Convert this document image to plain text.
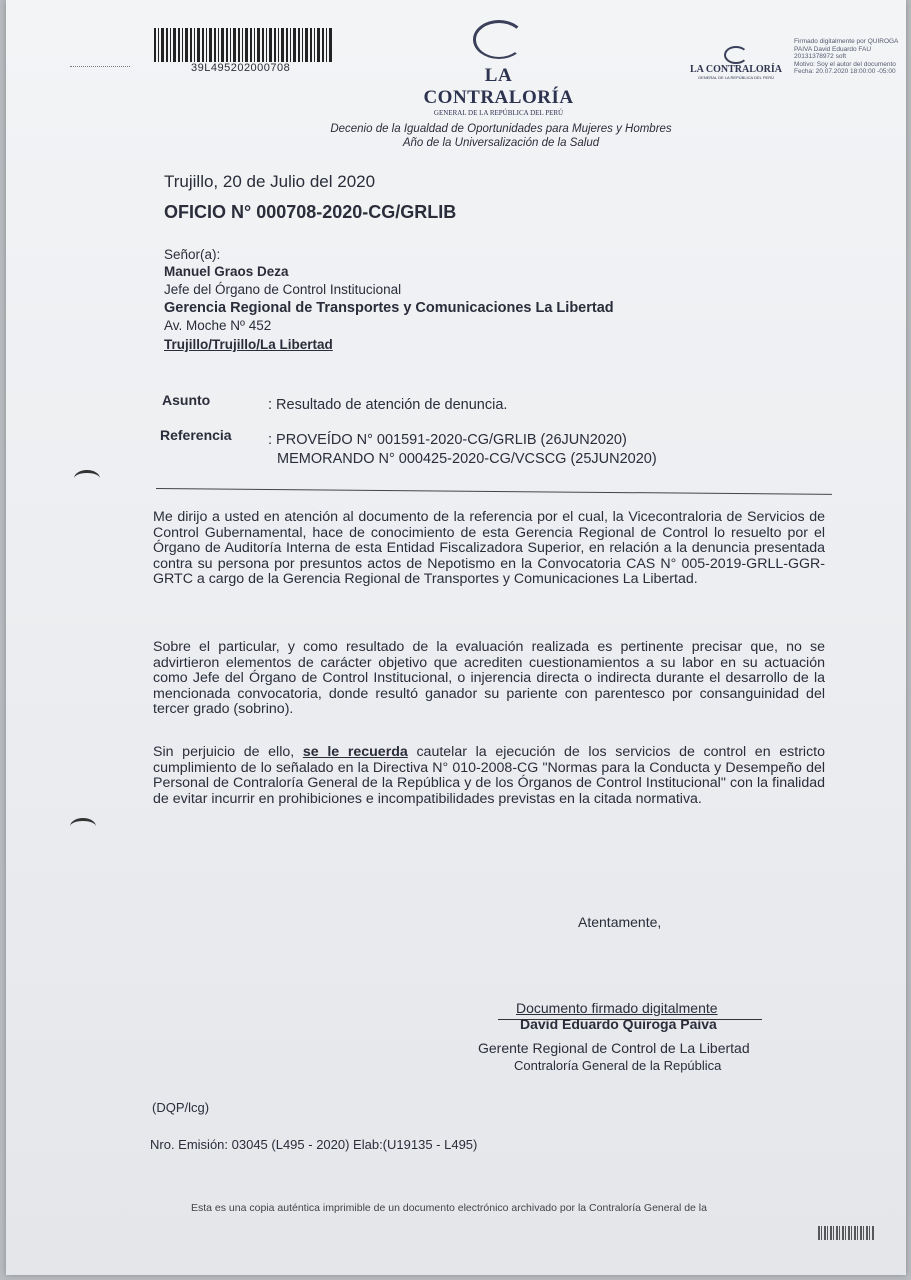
39L495202000708	LA CONTRALORÍA
GENERAL DE LA REPÚBLICA DEL PERÚ
LA CONTRALORÍA
GENERAL DE LA REPÚBLICA DEL PERÚ
Firmado digitalmente por QUIROGA
PAIVA David Eduardo FAU
20131378972 soft
Motivo: Soy el autor del documento
Fecha: 20.07.2020 18:00:00 -05:00
Decenio de la Igualdad de Oportunidades para Mujeres y Hombres
Año de la Universalización de la Salud
Trujillo, 20 de Julio del 2020
OFICIO N° 000708-2020-CG/GRLIB
Señor(a):
Manuel Graos Deza
Jefe del Órgano de Control Institucional
Gerencia Regional de Transportes y Comunicaciones La Libertad
Av. Moche Nº 452
Trujillo/Trujillo/La Libertad
Asunto	: Resultado de atención de denuncia.
Referencia	: PROVEÍDO N° 001591-2020-CG/GRLIB (26JUN2020)
MEMORANDO N° 000425-2020-CG/VCSCG (25JUN2020)
Me dirijo a usted en atención al documento de la referencia por el cual, la Vicecontraloria de Servicios de Control Gubernamental, hace de conocimiento de esta Gerencia Regional de Control lo resuelto por el Órgano de Auditoría Interna de esta Entidad Fiscalizadora Superior, en relación a la denuncia presentada contra su persona por presuntos actos de Nepotismo en la Convocatoria CAS N° 005-2019-GRLL-GGR-GRTC a cargo de la Gerencia Regional de Transportes y Comunicaciones La Libertad.
Sobre el particular, y como resultado de la evaluación realizada es pertinente precisar que, no se advirtieron elementos de carácter objetivo que acrediten cuestionamientos a su labor en su actuación como Jefe del Órgano de Control Institucional, o injerencia directa o indirecta durante el desarrollo de la mencionada convocatoria, donde resultó ganador su pariente con parentesco por consanguinidad del tercer grado (sobrino).
Sin perjuicio de ello, se le recuerda cautelar la ejecución de los servicios de control en estricto cumplimiento de lo señalado en la Directiva N° 010-2008-CG "Normas para la Conducta y Desempeño del Personal de Contraloría General de la República y de los Órganos de Control Institucional" con la finalidad de evitar incurrir en prohibiciones e incompatibilidades previstas en la citada normativa.
Atentamente,
Documento firmado digitalmente
David Eduardo Quiroga Paiva
Gerente Regional de Control de La Libertad
Contraloría General de la República
(DQP/lcg)
Nro. Emisión: 03045 (L495 - 2020) Elab:(U19135 - L495)
Esta es una copia auténtica imprimible de un documento electrónico archivado por la Contraloría General de la
